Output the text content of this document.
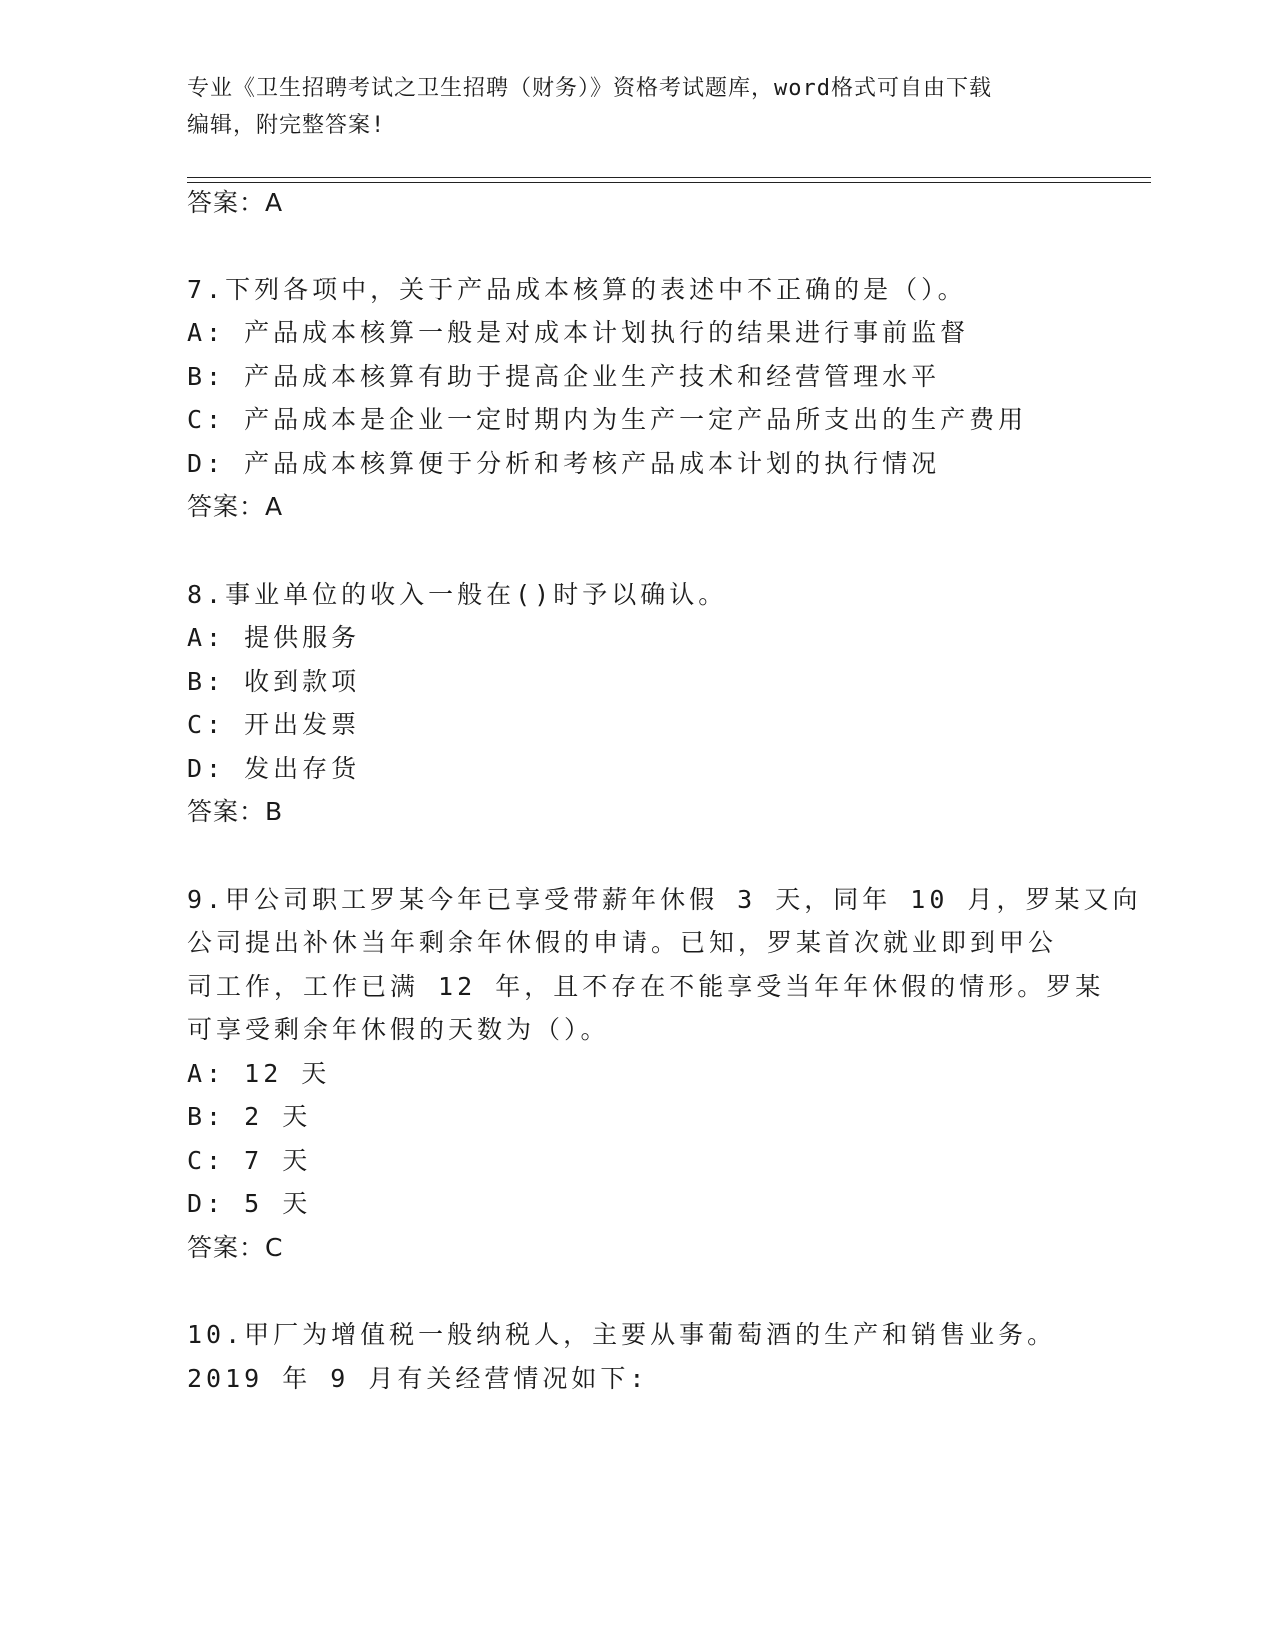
专业《卫生招聘考试之卫生招聘（财务）》资格考试题库，word格式可自由下载
编辑，附完整答案!
答案：A
7.下列各项中，关于产品成本核算的表述中不正确的是（）。
A: 产品成本核算一般是对成本计划执行的结果进行事前监督
B: 产品成本核算有助于提高企业生产技术和经营管理水平
C: 产品成本是企业一定时期内为生产一定产品所支出的生产费用
D: 产品成本核算便于分析和考核产品成本计划的执行情况
答案：A
8.事业单位的收入一般在()时予以确认。
A: 提供服务
B: 收到款项
C: 开出发票
D: 发出存货
答案：B
9.甲公司职工罗某今年已享受带薪年休假 3 天，同年 10 月，罗某又向
公司提出补休当年剩余年休假的申请。已知，罗某首次就业即到甲公
司工作，工作已满 12 年，且不存在不能享受当年年休假的情形。罗某
可享受剩余年休假的天数为（）。
A: 12 天
B: 2 天
C: 7 天
D: 5 天
答案：C
10.甲厂为增值税一般纳税人，主要从事葡萄酒的生产和销售业务。
2019 年 9 月有关经营情况如下:
